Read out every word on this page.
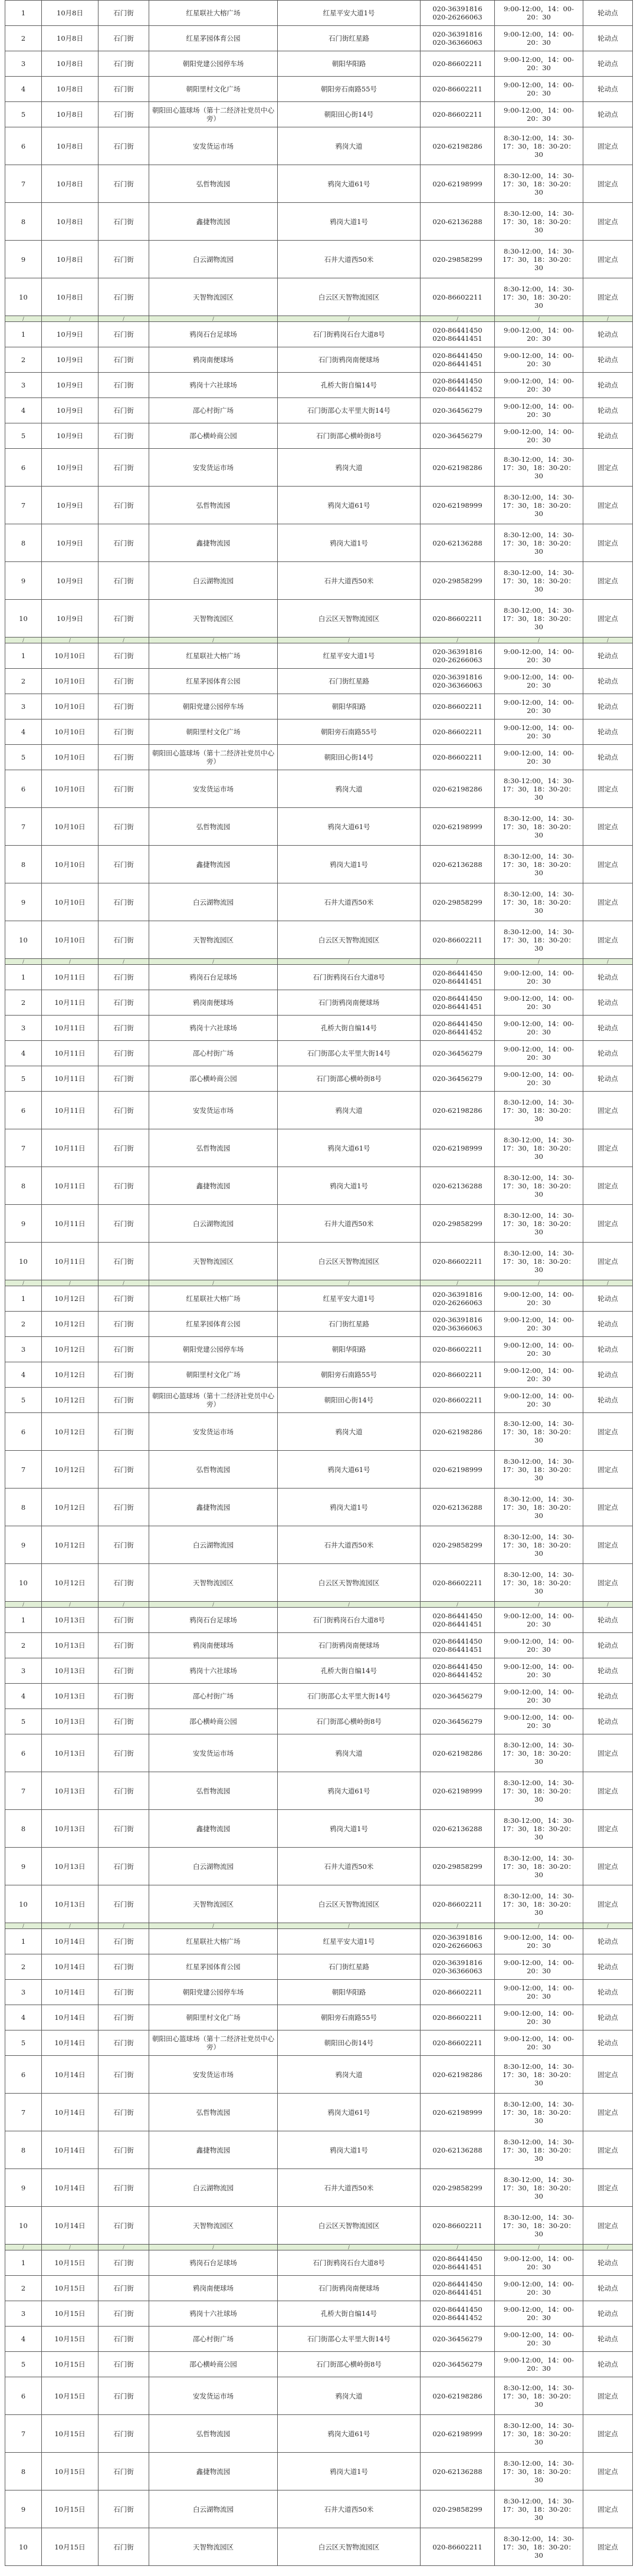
1	10月8日	石门街	红星联社大榕广场	红星平安大道1号	020-36391816
020-26266063	9:00-12:00，14：00-
20：30	轮动点
2	10月8日	石门街	红星茅园体育公园	石门街红星路	020-36391816
020-36366063	9:00-12:00，14：00-
20：30	轮动点
3	10月8日	石门街	朝阳党建公园停车场	朝阳华阳路	020-86602211	9:00-12:00，14：00-
20：30	轮动点
4	10月8日	石门街	朝阳里村文化广场	朝阳旁石南路55号	020-86602211	9:00-12:00，14：00-
20：30	轮动点
5	10月8日	石门街	朝阳田心篮球场（第十二经济社党员中心旁）	朝阳田心街14号	020-86602211	9:00-12:00，14：00-
20：30	轮动点
6	10月8日	石门街	安发货运市场	鸦岗大道	020-62198286	8:30-12:00，14：30-
17：30，18：30-20：
30	固定点
7	10月8日	石门街	弘哲物流园	鸦岗大道61号	020-62198999	8:30-12:00，14：30-
17：30，18：30-20：
30	固定点
8	10月8日	石门街	鑫捷物流园	鸦岗大道1号	020-62136288	8:30-12:00，14：30-
17：30，18：30-20：
30	固定点
9	10月8日	石门街	白云湖物流园	石井大道西50米	020-29858299	8:30-12:00，14：30-
17：30，18：30-20：
30	固定点
10	10月8日	石门街	天智物流园区	白云区天智物流园区	020-86602211	8:30-12:00，14：30-
17：30，18：30-20：
30	固定点
/	/	/	/	/	/	/	/
1	10月9日	石门街	鸦岗石台足球场	石门街鸦岗石台大道8号	020-86441450
020-86441451	9:00-12:00，14：00-
20：30	轮动点
2	10月9日	石门街	鸦岗南便球场	石门街鸦岗南便球场	020-86441450
020-86441451	9:00-12:00，14：00-
20：30	轮动点
3	10月9日	石门街	鸦岗十六社球场	孔桥大街自编14号	020-86441450
020-86441452	9:00-12:00，14：00-
20：30	轮动点
4	10月9日	石门街	邵心村街广场	石门街邵心太平里大街14号	020-36456279	9:00-12:00，14：00-
20：30	轮动点
5	10月9日	石门街	邵心横岭商公园	石门街邵心横岭街8号	020-36456279	9:00-12:00，14：00-
20：30	轮动点
6	10月9日	石门街	安发货运市场	鸦岗大道	020-62198286	8:30-12:00，14：30-
17：30，18：30-20：
30	固定点
7	10月9日	石门街	弘哲物流园	鸦岗大道61号	020-62198999	8:30-12:00，14：30-
17：30，18：30-20：
30	固定点
8	10月9日	石门街	鑫捷物流园	鸦岗大道1号	020-62136288	8:30-12:00，14：30-
17：30，18：30-20：
30	固定点
9	10月9日	石门街	白云湖物流园	石井大道西50米	020-29858299	8:30-12:00，14：30-
17：30，18：30-20：
30	固定点
10	10月9日	石门街	天智物流园区	白云区天智物流园区	020-86602211	8:30-12:00，14：30-
17：30，18：30-20：
30	固定点
/	/	/	/	/	/	/	/
1	10月10日	石门街	红星联社大榕广场	红星平安大道1号	020-36391816
020-26266063	9:00-12:00，14：00-
20：30	轮动点
2	10月10日	石门街	红星茅园体育公园	石门街红星路	020-36391816
020-36366063	9:00-12:00，14：00-
20：30	轮动点
3	10月10日	石门街	朝阳党建公园停车场	朝阳华阳路	020-86602211	9:00-12:00，14：00-
20：30	轮动点
4	10月10日	石门街	朝阳里村文化广场	朝阳旁石南路55号	020-86602211	9:00-12:00，14：00-
20：30	轮动点
5	10月10日	石门街	朝阳田心篮球场（第十二经济社党员中心旁）	朝阳田心街14号	020-86602211	9:00-12:00，14：00-
20：30	轮动点
6	10月10日	石门街	安发货运市场	鸦岗大道	020-62198286	8:30-12:00，14：30-
17：30，18：30-20：
30	固定点
7	10月10日	石门街	弘哲物流园	鸦岗大道61号	020-62198999	8:30-12:00，14：30-
17：30，18：30-20：
30	固定点
8	10月10日	石门街	鑫捷物流园	鸦岗大道1号	020-62136288	8:30-12:00，14：30-
17：30，18：30-20：
30	固定点
9	10月10日	石门街	白云湖物流园	石井大道西50米	020-29858299	8:30-12:00，14：30-
17：30，18：30-20：
30	固定点
10	10月10日	石门街	天智物流园区	白云区天智物流园区	020-86602211	8:30-12:00，14：30-
17：30，18：30-20：
30	固定点
/	/	/	/	/	/	/	/
1	10月11日	石门街	鸦岗石台足球场	石门街鸦岗石台大道8号	020-86441450
020-86441451	9:00-12:00，14：00-
20：30	轮动点
2	10月11日	石门街	鸦岗南便球场	石门街鸦岗南便球场	020-86441450
020-86441451	9:00-12:00，14：00-
20：30	轮动点
3	10月11日	石门街	鸦岗十六社球场	孔桥大街自编14号	020-86441450
020-86441452	9:00-12:00，14：00-
20：30	轮动点
4	10月11日	石门街	邵心村街广场	石门街邵心太平里大街14号	020-36456279	9:00-12:00，14：00-
20：30	轮动点
5	10月11日	石门街	邵心横岭商公园	石门街邵心横岭街8号	020-36456279	9:00-12:00，14：00-
20：30	轮动点
6	10月11日	石门街	安发货运市场	鸦岗大道	020-62198286	8:30-12:00，14：30-
17：30，18：30-20：
30	固定点
7	10月11日	石门街	弘哲物流园	鸦岗大道61号	020-62198999	8:30-12:00，14：30-
17：30，18：30-20：
30	固定点
8	10月11日	石门街	鑫捷物流园	鸦岗大道1号	020-62136288	8:30-12:00，14：30-
17：30，18：30-20：
30	固定点
9	10月11日	石门街	白云湖物流园	石井大道西50米	020-29858299	8:30-12:00，14：30-
17：30，18：30-20：
30	固定点
10	10月11日	石门街	天智物流园区	白云区天智物流园区	020-86602211	8:30-12:00，14：30-
17：30，18：30-20：
30	固定点
/	/	/	/	/	/	/	/
1	10月12日	石门街	红星联社大榕广场	红星平安大道1号	020-36391816
020-26266063	9:00-12:00，14：00-
20：30	轮动点
2	10月12日	石门街	红星茅园体育公园	石门街红星路	020-36391816
020-36366063	9:00-12:00，14：00-
20：30	轮动点
3	10月12日	石门街	朝阳党建公园停车场	朝阳华阳路	020-86602211	9:00-12:00，14：00-
20：30	轮动点
4	10月12日	石门街	朝阳里村文化广场	朝阳旁石南路55号	020-86602211	9:00-12:00，14：00-
20：30	轮动点
5	10月12日	石门街	朝阳田心篮球场（第十二经济社党员中心旁）	朝阳田心街14号	020-86602211	9:00-12:00，14：00-
20：30	轮动点
6	10月12日	石门街	安发货运市场	鸦岗大道	020-62198286	8:30-12:00，14：30-
17：30，18：30-20：
30	固定点
7	10月12日	石门街	弘哲物流园	鸦岗大道61号	020-62198999	8:30-12:00，14：30-
17：30，18：30-20：
30	固定点
8	10月12日	石门街	鑫捷物流园	鸦岗大道1号	020-62136288	8:30-12:00，14：30-
17：30，18：30-20：
30	固定点
9	10月12日	石门街	白云湖物流园	石井大道西50米	020-29858299	8:30-12:00，14：30-
17：30，18：30-20：
30	固定点
10	10月12日	石门街	天智物流园区	白云区天智物流园区	020-86602211	8:30-12:00，14：30-
17：30，18：30-20：
30	固定点
/	/	/	/	/	/	/	/
1	10月13日	石门街	鸦岗石台足球场	石门街鸦岗石台大道8号	020-86441450
020-86441451	9:00-12:00，14：00-
20：30	轮动点
2	10月13日	石门街	鸦岗南便球场	石门街鸦岗南便球场	020-86441450
020-86441451	9:00-12:00，14：00-
20：30	轮动点
3	10月13日	石门街	鸦岗十六社球场	孔桥大街自编14号	020-86441450
020-86441452	9:00-12:00，14：00-
20：30	轮动点
4	10月13日	石门街	邵心村街广场	石门街邵心太平里大街14号	020-36456279	9:00-12:00，14：00-
20：30	轮动点
5	10月13日	石门街	邵心横岭商公园	石门街邵心横岭街8号	020-36456279	9:00-12:00，14：00-
20：30	轮动点
6	10月13日	石门街	安发货运市场	鸦岗大道	020-62198286	8:30-12:00，14：30-
17：30，18：30-20：
30	固定点
7	10月13日	石门街	弘哲物流园	鸦岗大道61号	020-62198999	8:30-12:00，14：30-
17：30，18：30-20：
30	固定点
8	10月13日	石门街	鑫捷物流园	鸦岗大道1号	020-62136288	8:30-12:00，14：30-
17：30，18：30-20：
30	固定点
9	10月13日	石门街	白云湖物流园	石井大道西50米	020-29858299	8:30-12:00，14：30-
17：30，18：30-20：
30	固定点
10	10月13日	石门街	天智物流园区	白云区天智物流园区	020-86602211	8:30-12:00，14：30-
17：30，18：30-20：
30	固定点
/	/	/	/	/	/	/	/
1	10月14日	石门街	红星联社大榕广场	红星平安大道1号	020-36391816
020-26266063	9:00-12:00，14：00-
20：30	轮动点
2	10月14日	石门街	红星茅园体育公园	石门街红星路	020-36391816
020-36366063	9:00-12:00，14：00-
20：30	轮动点
3	10月14日	石门街	朝阳党建公园停车场	朝阳华阳路	020-86602211	9:00-12:00，14：00-
20：30	轮动点
4	10月14日	石门街	朝阳里村文化广场	朝阳旁石南路55号	020-86602211	9:00-12:00，14：00-
20：30	轮动点
5	10月14日	石门街	朝阳田心篮球场（第十二经济社党员中心旁）	朝阳田心街14号	020-86602211	9:00-12:00，14：00-
20：30	轮动点
6	10月14日	石门街	安发货运市场	鸦岗大道	020-62198286	8:30-12:00，14：30-
17：30，18：30-20：
30	固定点
7	10月14日	石门街	弘哲物流园	鸦岗大道61号	020-62198999	8:30-12:00，14：30-
17：30，18：30-20：
30	固定点
8	10月14日	石门街	鑫捷物流园	鸦岗大道1号	020-62136288	8:30-12:00，14：30-
17：30，18：30-20：
30	固定点
9	10月14日	石门街	白云湖物流园	石井大道西50米	020-29858299	8:30-12:00，14：30-
17：30，18：30-20：
30	固定点
10	10月14日	石门街	天智物流园区	白云区天智物流园区	020-86602211	8:30-12:00，14：30-
17：30，18：30-20：
30	固定点
/	/	/	/	/	/	/	/
1	10月15日	石门街	鸦岗石台足球场	石门街鸦岗石台大道8号	020-86441450
020-86441451	9:00-12:00，14：00-
20：30	轮动点
2	10月15日	石门街	鸦岗南便球场	石门街鸦岗南便球场	020-86441450
020-86441451	9:00-12:00，14：00-
20：30	轮动点
3	10月15日	石门街	鸦岗十六社球场	孔桥大街自编14号	020-86441450
020-86441452	9:00-12:00，14：00-
20：30	轮动点
4	10月15日	石门街	邵心村街广场	石门街邵心太平里大街14号	020-36456279	9:00-12:00，14：00-
20：30	轮动点
5	10月15日	石门街	邵心横岭商公园	石门街邵心横岭街8号	020-36456279	9:00-12:00，14：00-
20：30	轮动点
6	10月15日	石门街	安发货运市场	鸦岗大道	020-62198286	8:30-12:00，14：30-
17：30，18：30-20：
30	固定点
7	10月15日	石门街	弘哲物流园	鸦岗大道61号	020-62198999	8:30-12:00，14：30-
17：30，18：30-20：
30	固定点
8	10月15日	石门街	鑫捷物流园	鸦岗大道1号	020-62136288	8:30-12:00，14：30-
17：30，18：30-20：
30	固定点
9	10月15日	石门街	白云湖物流园	石井大道西50米	020-29858299	8:30-12:00，14：30-
17：30，18：30-20：
30	固定点
10	10月15日	石门街	天智物流园区	白云区天智物流园区	020-86602211	8:30-12:00，14：30-
17：30，18：30-20：
30	固定点
